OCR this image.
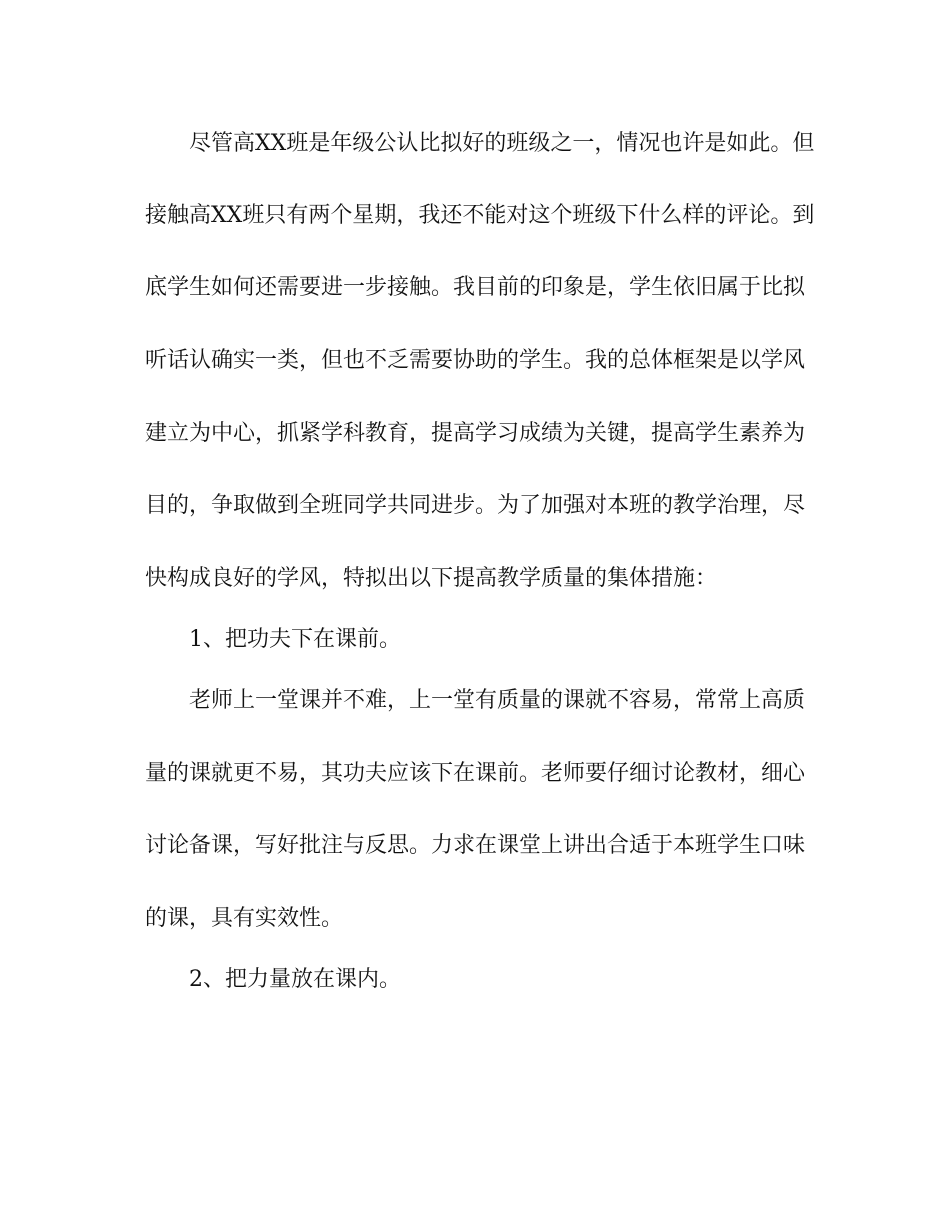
尽管高XX班是年级公认比拟好的班级之一，情况也许是如此。但
接触高XX班只有两个星期，我还不能对这个班级下什么样的评论。到
底学生如何还需要进一步接触。我目前的印象是，学生依旧属于比拟
听话认确实一类，但也不乏需要协助的学生。我的总体框架是以学风
建立为中心，抓紧学科教育，提高学习成绩为关键，提高学生素养为
目的，争取做到全班同学共同进步。为了加强对本班的教学治理，尽
快构成良好的学风，特拟出以下提高教学质量的集体措施：
1、把功夫下在课前。
老师上一堂课并不难，上一堂有质量的课就不容易，常常上高质
量的课就更不易，其功夫应该下在课前。老师要仔细讨论教材，细心
讨论备课，写好批注与反思。力求在课堂上讲出合适于本班学生口味
的课，具有实效性。
2、把力量放在课内。
